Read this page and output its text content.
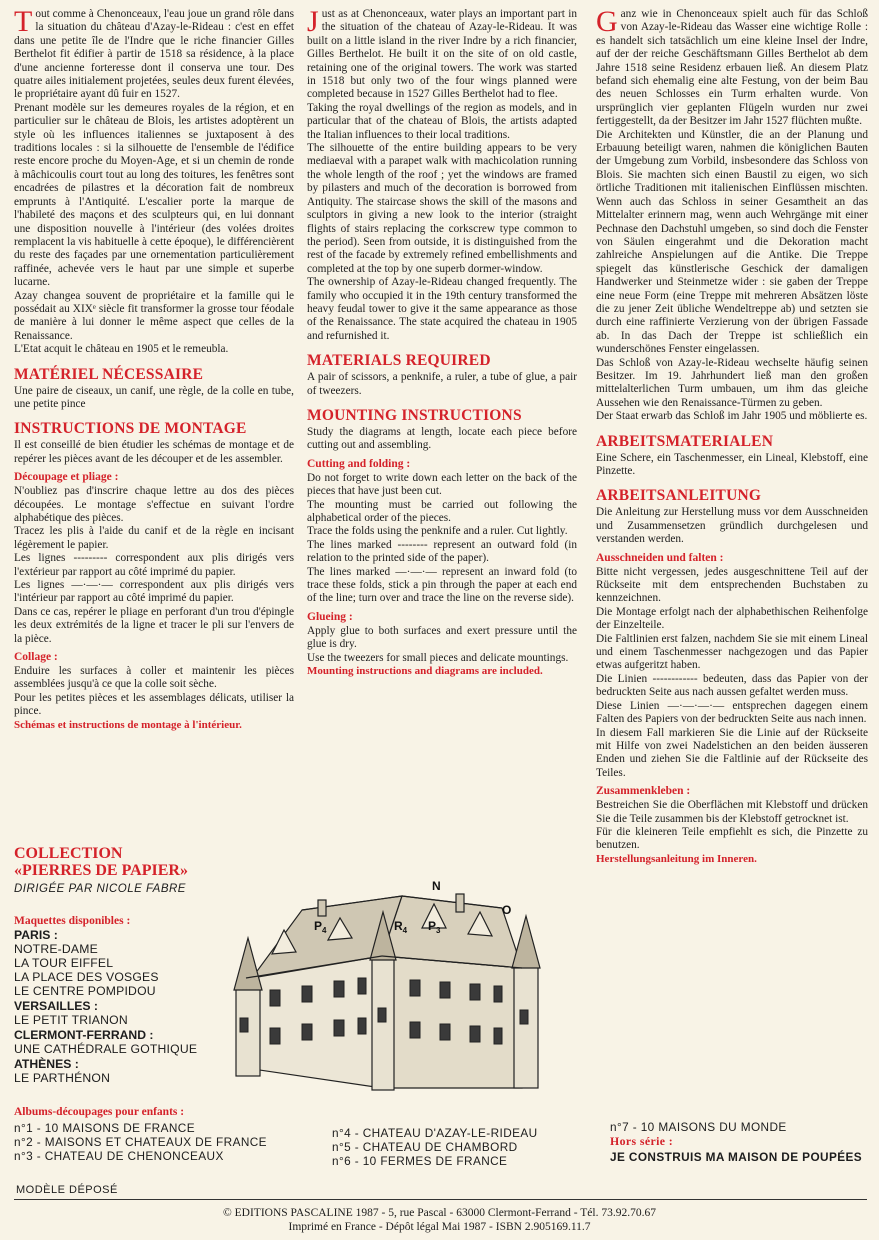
Tout comme à Chenonceaux, l'eau joue un grand rôle dans la situation du château d'Azay-le-Rideau : c'est en effet dans une petite île de l'Indre que le riche financier Gilles Berthelot fit édifier à partir de 1518 sa résidence, à la place d'une ancienne forteresse dont il conserva une tour. Des quatre ailes initialement projetées, seules deux furent élevées, le propriétaire ayant dû fuir en 1527.

Prenant modèle sur les demeures royales de la région, et en particulier sur le château de Blois, les artistes adoptèrent un style où les influences italiennes se juxtaposent à des traditions locales : si la silhouette de l'ensemble de l'édifice reste encore proche du Moyen-Age, et si un chemin de ronde à mâchicoulis court tout au long des toitures, les fenêtres sont encadrées de pilastres et la décoration fait de nombreux emprunts à l'Antiquité. L'escalier porte la marque de l'habileté des maçons et des sculpteurs qui, en lui donnant une disposition nouvelle à l'intérieur (des volées droites remplacent la vis habituelle à cette époque), le différencièrent du reste des façades par une ornementation particulièrement raffinée, achevée vers le haut par une simple et superbe lucarne.

Azay changea souvent de propriétaire et la famille qui le possédait au XIXᵉ siècle fit transformer la grosse tour féodale de manière à lui donner le même aspect que celles de la Renaissance.

L'Etat acquit le château en 1905 et le remeubla.

MATÉRIEL NÉCESSAIRE

Une paire de ciseaux, un canif, une règle, de la colle en tube, une petite pince

INSTRUCTIONS DE MONTAGE

Il est conseillé de bien étudier les schémas de montage et de repérer les pièces avant de les découper et de les assembler.

Découpage et pliage :

N'oubliez pas d'inscrire chaque lettre au dos des pièces découpées. Le montage s'effectue en suivant l'ordre alphabétique des pièces.

Tracez les plis à l'aide du canif et de la règle en incisant légèrement le papier.

Les lignes --------- correspondent aux plis dirigés vers l'extérieur par rapport au côté imprimé du papier.

Les lignes —·—·— correspondent aux plis dirigés vers l'intérieur par rapport au côté imprimé du papier.

Dans ce cas, repérer le pliage en perforant d'un trou d'épingle les deux extrémités de la ligne et tracer le pli sur l'envers de la pièce.

Collage :

Enduire les surfaces à coller et maintenir les pièces assemblées jusqu'à ce que la colle soit sèche.

Pour les petites pièces et les assemblages délicats, utiliser la pince.

Schémas et instructions de montage à l'intérieur.

Just as at Chenonceaux, water plays an important part in the situation of the chateau of Azay-le-Rideau. It was built on a little island in the river Indre by a rich financier, Gilles Berthelot. He built it on the site of on old castle, retaining one of the original towers. The work was started in 1518 but only two of the four wings planned were completed because in 1527 Gilles Berthelot had to flee.

Taking the royal dwellings of the region as models, and in particular that of the chateau of Blois, the artists adapted the Italian influences to their local traditions.

The silhouette of the entire building appears to be very mediaeval with a parapet walk with machicolation running the whole length of the roof ; yet the windows are framed by pilasters and much of the decoration is borrowed from Antiquity. The staircase shows the skill of the masons and sculptors in giving a new look to the interior (straight flights of stairs replacing the corkscrew type common to the period). Seen from outside, it is distinguished from the rest of the facade by extremely refined embellishments and completed at the top by one superb dormer-window.

The ownership of Azay-le-Rideau changed frequently. The family who occupied it in the 19th century transformed the heavy feudal tower to give it the same appearance as those of the Renaissance. The state acquired the chateau in 1905 and refurnished it.

MATERIALS REQUIRED

A pair of scissors, a penknife, a ruler, a tube of glue, a pair of tweezers.

MOUNTING INSTRUCTIONS

Study the diagrams at length, locate each piece before cutting out and assembling.

Cutting and folding :

Do not forget to write down each letter on the back of the pieces that have just been cut.

The mounting must be carried out following the alphabetical order of the pieces.

Trace the folds using the penknife and a ruler. Cut lightly.

The lines marked -------- represent an outward fold (in relation to the printed side of the paper).

The lines marked —·—·— represent an inward fold (to trace these folds, stick a pin through the paper at each end of the line; turn over and trace the line on the reverse side).

Glueing :

Apply glue to both surfaces and exert pressure until the glue is dry.

Use the tweezers for small pieces and delicate mountings.

Mounting instructions and diagrams are included.

Ganz wie in Chenonceaux spielt auch für das Schloß von Azay-le-Rideau das Wasser eine wichtige Rolle : es handelt sich tatsächlich um eine kleine Insel der Indre, auf der der reiche Geschäftsmann Gilles Berthelot ab dem Jahre 1518 seine Residenz erbauen ließ. An diesem Platz befand sich ehemalig eine alte Festung, von der beim Bau des neuen Schlosses ein Turm erhalten wurde. Von ursprünglich vier geplanten Flügeln wurden nur zwei fertiggestellt, da der Besitzer im Jahr 1527 flüchten mußte.

Die Architekten und Künstler, die an der Planung und Erbauung beteiligt waren, nahmen die königlichen Bauten der Umgebung zum Vorbild, insbesondere das Schloss von Blois. Sie machten sich einen Baustil zu eigen, wo sich örtliche Traditionen mit italienischen Einflüssen mischten. Wenn auch das Schloss in seiner Gesamtheit an das Mittelalter erinnern mag, wenn auch Wehrgänge mit einer Pechnase den Dachstuhl umgeben, so sind doch die Fenster von Säulen eingerahmt und die Dekoration macht zahlreiche Anspielungen auf die Antike. Die Treppe spiegelt das künstlerische Geschick der damaligen Handwerker und Steinmetze wider : sie gaben der Treppe eine neue Form (eine Treppe mit mehreren Absätzen löste die zu jener Zeit übliche Wendeltreppe ab) und setzten sie durch eine raffinierte Verzierung von der übrigen Fassade ab. In das Dach der Treppe ist schließlich ein wunderschönes Fenster eingelassen.

Das Schloß von Azay-le-Rideau wechselte häufig seinen Besitzer. Im 19. Jahrhundert ließ man den großen mittelalterlichen Turm umbauen, um ihm das gleiche Aussehen wie den Renaissance-Türmen zu geben.

Der Staat erwarb das Schloß im Jahr 1905 und möblierte es.

ARBEITSMATERIALEN

Eine Schere, ein Taschenmesser, ein Lineal, Klebstoff, eine Pinzette.

ARBEITSANLEITUNG

Die Anleitung zur Herstellung muss vor dem Ausschneiden und Zusammensetzen gründlich durchgelesen und verstanden werden.

Ausschneiden und falten :

Bitte nicht vergessen, jedes ausgeschnittene Teil auf der Rückseite mit dem entsprechenden Buchstaben zu kennzeichnen.

Die Montage erfolgt nach der alphabethischen Reihenfolge der Einzelteile.

Die Faltlinien erst falzen, nachdem Sie sie mit einem Lineal und einem Taschenmesser nachgezogen und das Papier etwas aufgeritzt haben.

Die Linien ------------ bedeuten, dass das Papier von der bedruckten Seite aus nach aussen gefaltet werden muss.

Diese Linien —·—·—·— entsprechen dagegen einem Falten des Papiers von der bedruckten Seite aus nach innen.

In diesem Fall markieren Sie die Linie auf der Rückseite mit Hilfe von zwei Nadelstichen an den beiden äusseren Enden und ziehen Sie die Faltlinie auf der Rückseite des Teiles.

Zusammenkleben :

Bestreichen Sie die Oberflächen mit Klebstoff und drücken Sie die Teile zusammen bis der Klebstoff getrocknet ist.

Für die kleineren Teile empfiehlt es sich, die Pinzette zu benutzen.

Herstellungsanleitung im Inneren.

COLLECTION
«PIERRES DE PAPIER»
DIRIGÉE PAR NICOLE FABRE
Maquettes disponibles :
PARIS :
NOTRE-DAME
LA TOUR EIFFEL
LA PLACE DES VOSGES
LE CENTRE POMPIDOU
VERSAILLES :
LE PETIT TRIANON
CLERMONT-FERRAND :
UNE CATHÉDRALE GOTHIQUE
ATHÈNES :
LE PARTHÉNON
$P_4$	$R_4$ $P_3$
N
O
Albums-découpages pour enfants :
n°1 - 10 MAISONS DE FRANCE
n°2 - MAISONS ET CHATEAUX DE FRANCE
n°3 - CHATEAU DE CHENONCEAUX
n°4 - CHATEAU D'AZAY-LE-RIDEAU
n°5 - CHATEAU DE CHAMBORD
n°6 - 10 FERMES DE FRANCE
n°7 - 10 MAISONS DU MONDE
Hors série :
JE CONSTRUIS MA MAISON DE POUPÉES
MODÈLE DÉPOSÉ
© EDITIONS PASCALINE 1987 - 5, rue Pascal - 63000 Clermont-Ferrand - Tél. 73.92.70.67
Imprimé en France - Dépôt légal Mai 1987 - ISBN 2.905169.11.7
